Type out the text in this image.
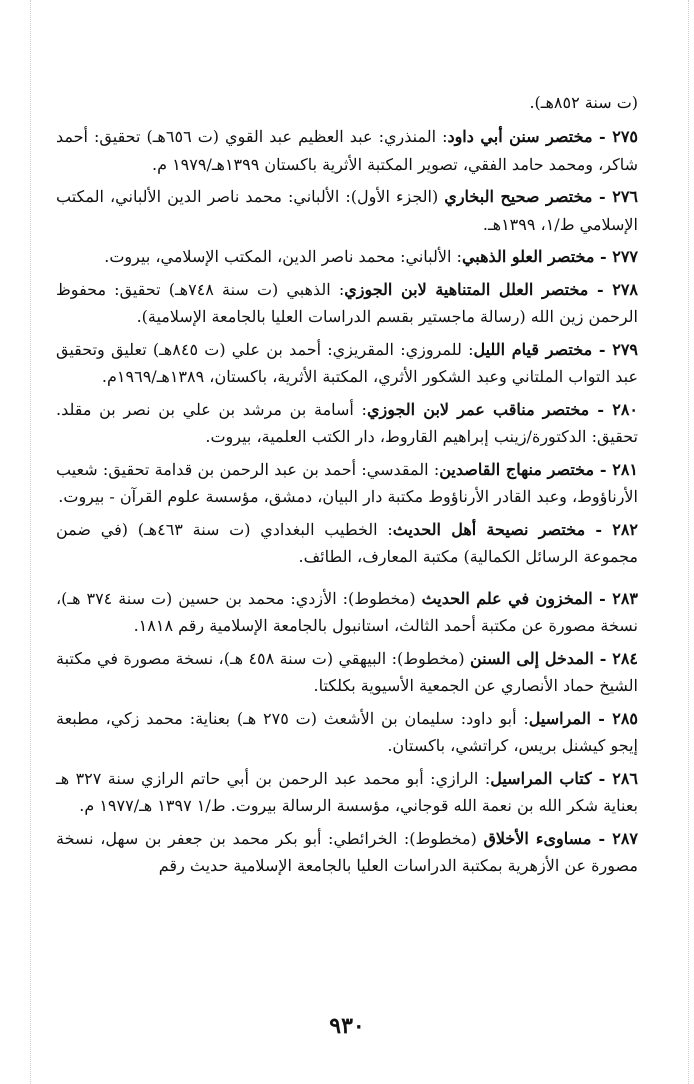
(ت سنة ٨٥٢هـ).

٢٧٥ - مختصر سنن أبي داود: المنذري: عبد العظيم عبد القوي (ت ٦٥٦هـ) تحقيق: أحمد شاكر، ومحمد حامد الفقي، تصوير المكتبة الأثرية باكستان ١٣٩٩هـ/١٩٧٩ م.

٢٧٦ - مختصر صحيح البخاري (الجزء الأول): الألباني: محمد ناصر الدين الألباني، المكتب الإسلامي ط/١، ١٣٩٩هـ.

٢٧٧ - مختصر العلو الذهبي: الألباني: محمد ناصر الدين، المكتب الإسلامي، بيروت.

٢٧٨ - مختصر العلل المتناهية لابن الجوزي: الذهبي (ت سنة ٧٤٨هـ) تحقيق: محفوظ الرحمن زين الله (رسالة ماجستير بقسم الدراسات العليا بالجامعة الإسلامية).

٢٧٩ - مختصر قيام الليل: للمروزي: المقريزي: أحمد بن علي (ت ٨٤٥هـ) تعليق وتحقيق عبد التواب الملتاني وعبد الشكور الأثري، المكتبة الأثرية، باكستان، ١٣٨٩هـ/١٩٦٩م.

٢٨٠ - مختصر مناقب عمر لابن الجوزي: أسامة بن مرشد بن علي بن نصر بن مقلد. تحقيق: الدكتورة/زينب إبراهيم القاروط، دار الكتب العلمية، بيروت.

٢٨١ - مختصر منهاج القاصدين: المقدسي: أحمد بن عبد الرحمن بن قدامة تحقيق: شعيب الأرناؤوط، وعبد القادر الأرناؤوط مكتبة دار البيان، دمشق، مؤسسة علوم القرآن - بيروت.

٢٨٢ - مختصر نصيحة أهل الحديث: الخطيب البغدادي (ت سنة ٤٦٣هـ) (في ضمن مجموعة الرسائل الكمالية) مكتبة المعارف، الطائف.

٢٨٣ - المخزون في علم الحديث (مخطوط): الأزدي: محمد بن حسين (ت سنة ٣٧٤ هـ)، نسخة مصورة عن مكتبة أحمد الثالث، استانبول بالجامعة الإسلامية رقم ١٨١٨.

٢٨٤ - المدخل إلى السنن (مخطوط): البيهقي (ت سنة ٤٥٨ هـ)، نسخة مصورة في مكتبة الشيخ حماد الأنصاري عن الجمعية الأسيوية بكلكتا.

٢٨٥ - المراسيل: أبو داود: سليمان بن الأشعث (ت ٢٧٥ هـ) بعناية: محمد زكي، مطبعة إيجو كيشنل بريس، كراتشي، باكستان.

٢٨٦ - كتاب المراسيل: الرازي: أبو محمد عبد الرحمن بن أبي حاتم الرازي سنة ٣٢٧ هـ بعناية شكر الله بن نعمة الله قوجاني، مؤسسة الرسالة بيروت. ط/١ ١٣٩٧ هـ/١٩٧٧ م.

٢٨٧ - مساوىء الأخلاق (مخطوط): الخرائطي: أبو بكر محمد بن جعفر بن سهل، نسخة مصورة عن الأزهرية بمكتبة الدراسات العليا بالجامعة الإسلامية حديث رقم

٩٣٠
